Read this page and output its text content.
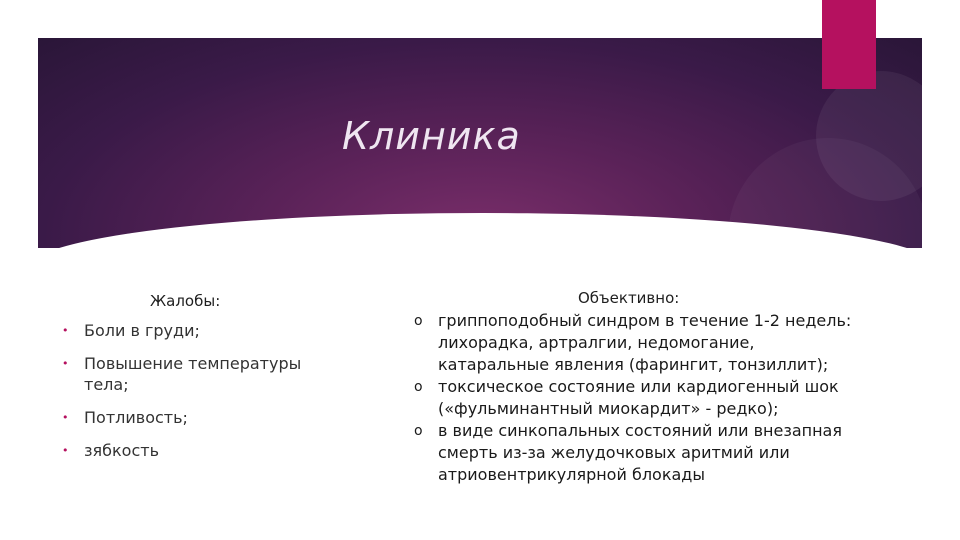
Клиника
Жалобы:
• Боли в груди;
• Повышение температуры тела;
• Потливость;
• зябкость
Объективно:
o гриппоподобный синдром в течение 1-2 недель: лихорадка, артралгии, недомогание, катаральные явления (фарингит, тонзиллит);
o токсическое состояние или кардиогенный шок («фульминантный миокардит» - редко);
o в виде синкопальных состояний или внезапная смерть из-за желудочковых аритмий или атриовентрикулярной блокады
